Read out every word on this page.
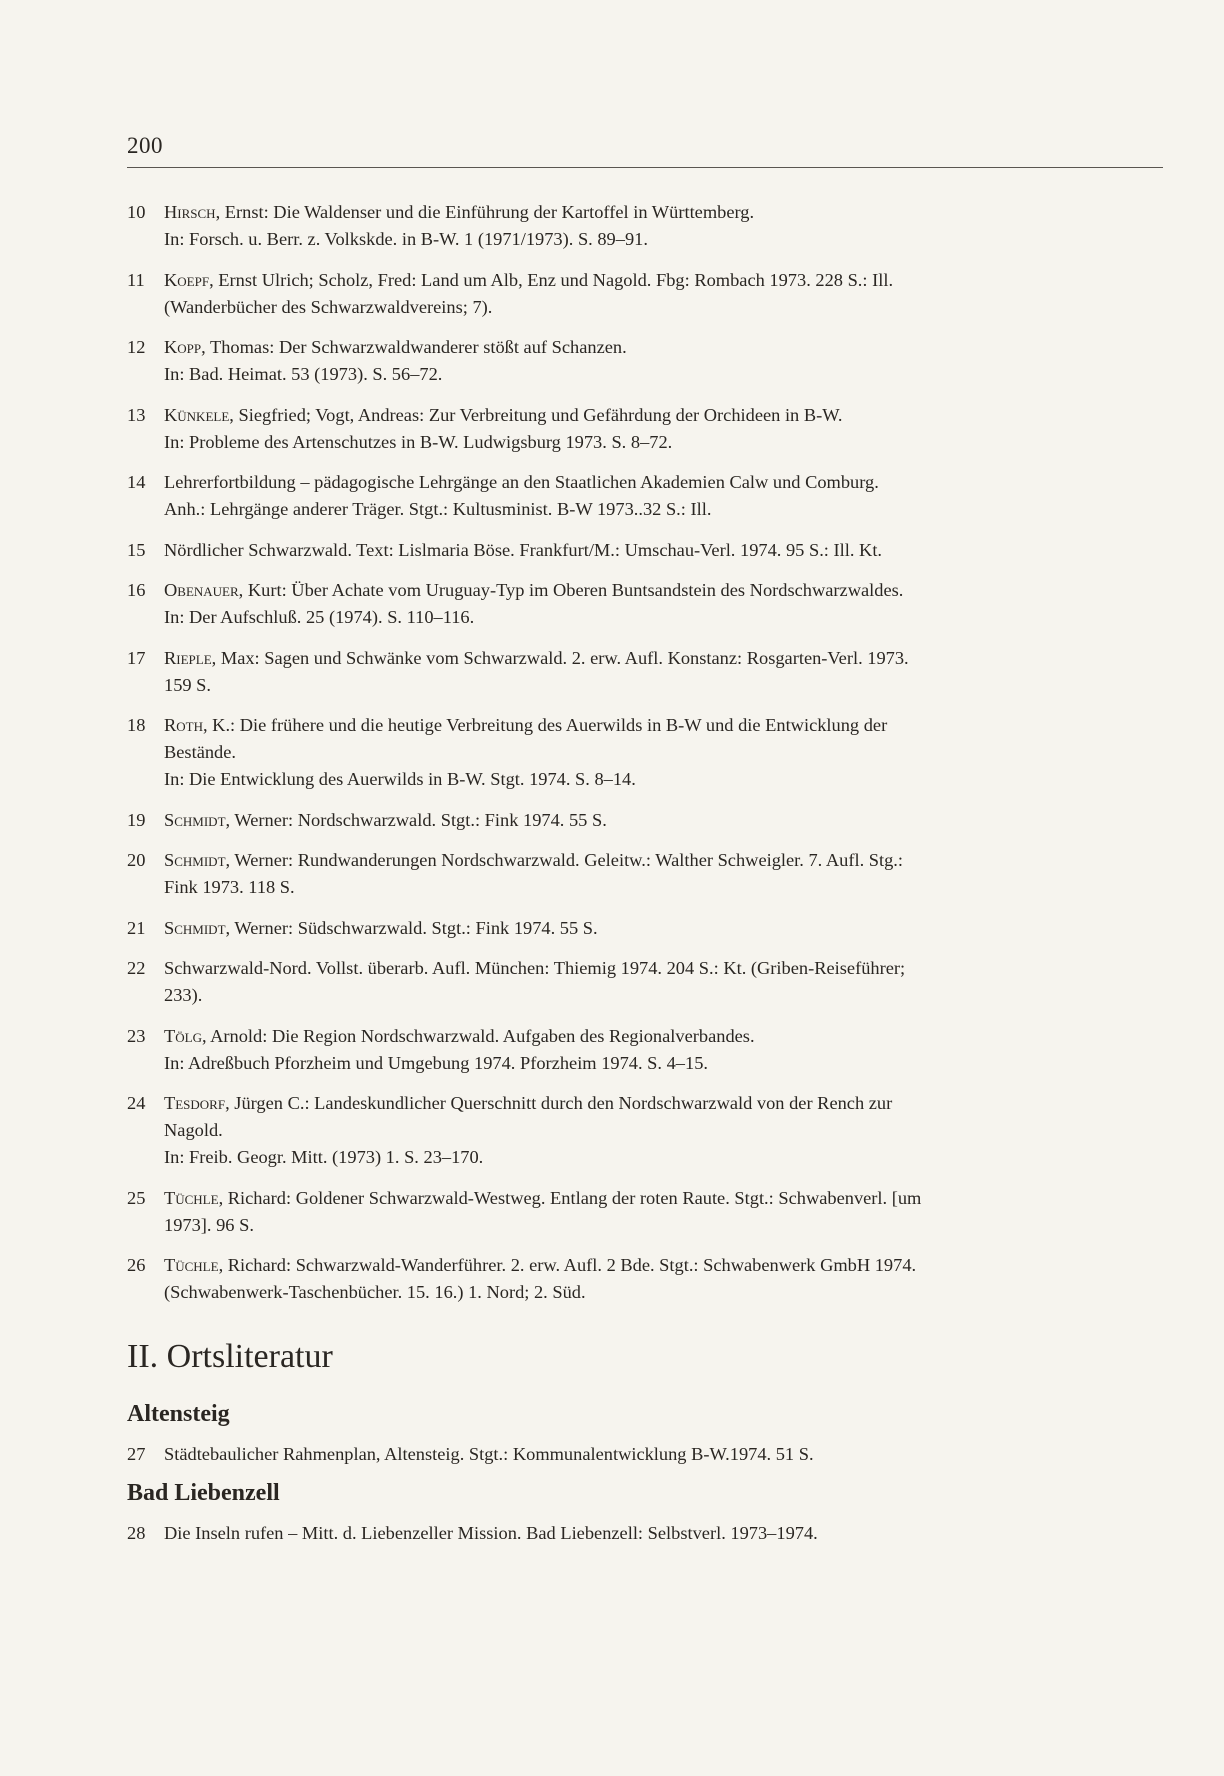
200
10	Hirsch, Ernst: Die Waldenser und die Einführung der Kartoffel in Württemberg.
In: Forsch. u. Berr. z. Volkskde. in B-W. 1 (1971/1973). S. 89–91.
11	Koepf, Ernst Ulrich; Scholz, Fred: Land um Alb, Enz und Nagold. Fbg: Rombach 1973. 228 S.: Ill.
(Wanderbücher des Schwarzwaldvereins; 7).
12	Kopp, Thomas: Der Schwarzwaldwanderer stößt auf Schanzen.
In: Bad. Heimat. 53 (1973). S. 56–72.
13	Künkele, Siegfried; Vogt, Andreas: Zur Verbreitung und Gefährdung der Orchideen in B-W.
In: Probleme des Artenschutzes in B-W. Ludwigsburg 1973. S. 8–72.
14	Lehrerfortbildung – pädagogische Lehrgänge an den Staatlichen Akademien Calw und Comburg.
Anh.: Lehrgänge anderer Träger. Stgt.: Kultusminist. B-W 1973..32 S.: Ill.
15	Nördlicher Schwarzwald. Text: Lislmaria Böse. Frankfurt/M.: Umschau-Verl. 1974. 95 S.: Ill. Kt.
16	Obenauer, Kurt: Über Achate vom Uruguay-Typ im Oberen Buntsandstein des Nordschwarzwaldes.
In: Der Aufschluß. 25 (1974). S. 110–116.
17	Rieple, Max: Sagen und Schwänke vom Schwarzwald. 2. erw. Aufl. Konstanz: Rosgarten-Verl. 1973.
159 S.
18	Roth, K.: Die frühere und die heutige Verbreitung des Auerwilds in B-W und die Entwicklung der
Bestände.
In: Die Entwicklung des Auerwilds in B-W. Stgt. 1974. S. 8–14.
19	Schmidt, Werner: Nordschwarzwald. Stgt.: Fink 1974. 55 S.
20	Schmidt, Werner: Rundwanderungen Nordschwarzwald. Geleitw.: Walther Schweigler. 7. Aufl. Stg.:
Fink 1973. 118 S.
21	Schmidt, Werner: Südschwarzwald. Stgt.: Fink 1974. 55 S.
22	Schwarzwald-Nord. Vollst. überarb. Aufl. München: Thiemig 1974. 204 S.: Kt. (Griben-Reiseführer;
233).
23	Tölg, Arnold: Die Region Nordschwarzwald. Aufgaben des Regionalverbandes.
In: Adreßbuch Pforzheim und Umgebung 1974. Pforzheim 1974. S. 4–15.
24	Tesdorf, Jürgen C.: Landeskundlicher Querschnitt durch den Nordschwarzwald von der Rench zur
Nagold.
In: Freib. Geogr. Mitt. (1973) 1. S. 23–170.
25	Tüchle, Richard: Goldener Schwarzwald-Westweg. Entlang der roten Raute. Stgt.: Schwabenverl. [um
1973]. 96 S.
26	Tüchle, Richard: Schwarzwald-Wanderführer. 2. erw. Aufl. 2 Bde. Stgt.: Schwabenwerk GmbH 1974.
(Schwabenwerk-Taschenbücher. 15. 16.) 1. Nord; 2. Süd.
II. Ortsliteratur
Altensteig
27	Städtebaulicher Rahmenplan, Altensteig. Stgt.: Kommunalentwicklung B-W.1974. 51 S.
Bad Liebenzell
28	Die Inseln rufen – Mitt. d. Liebenzeller Mission. Bad Liebenzell: Selbstverl. 1973–1974.
